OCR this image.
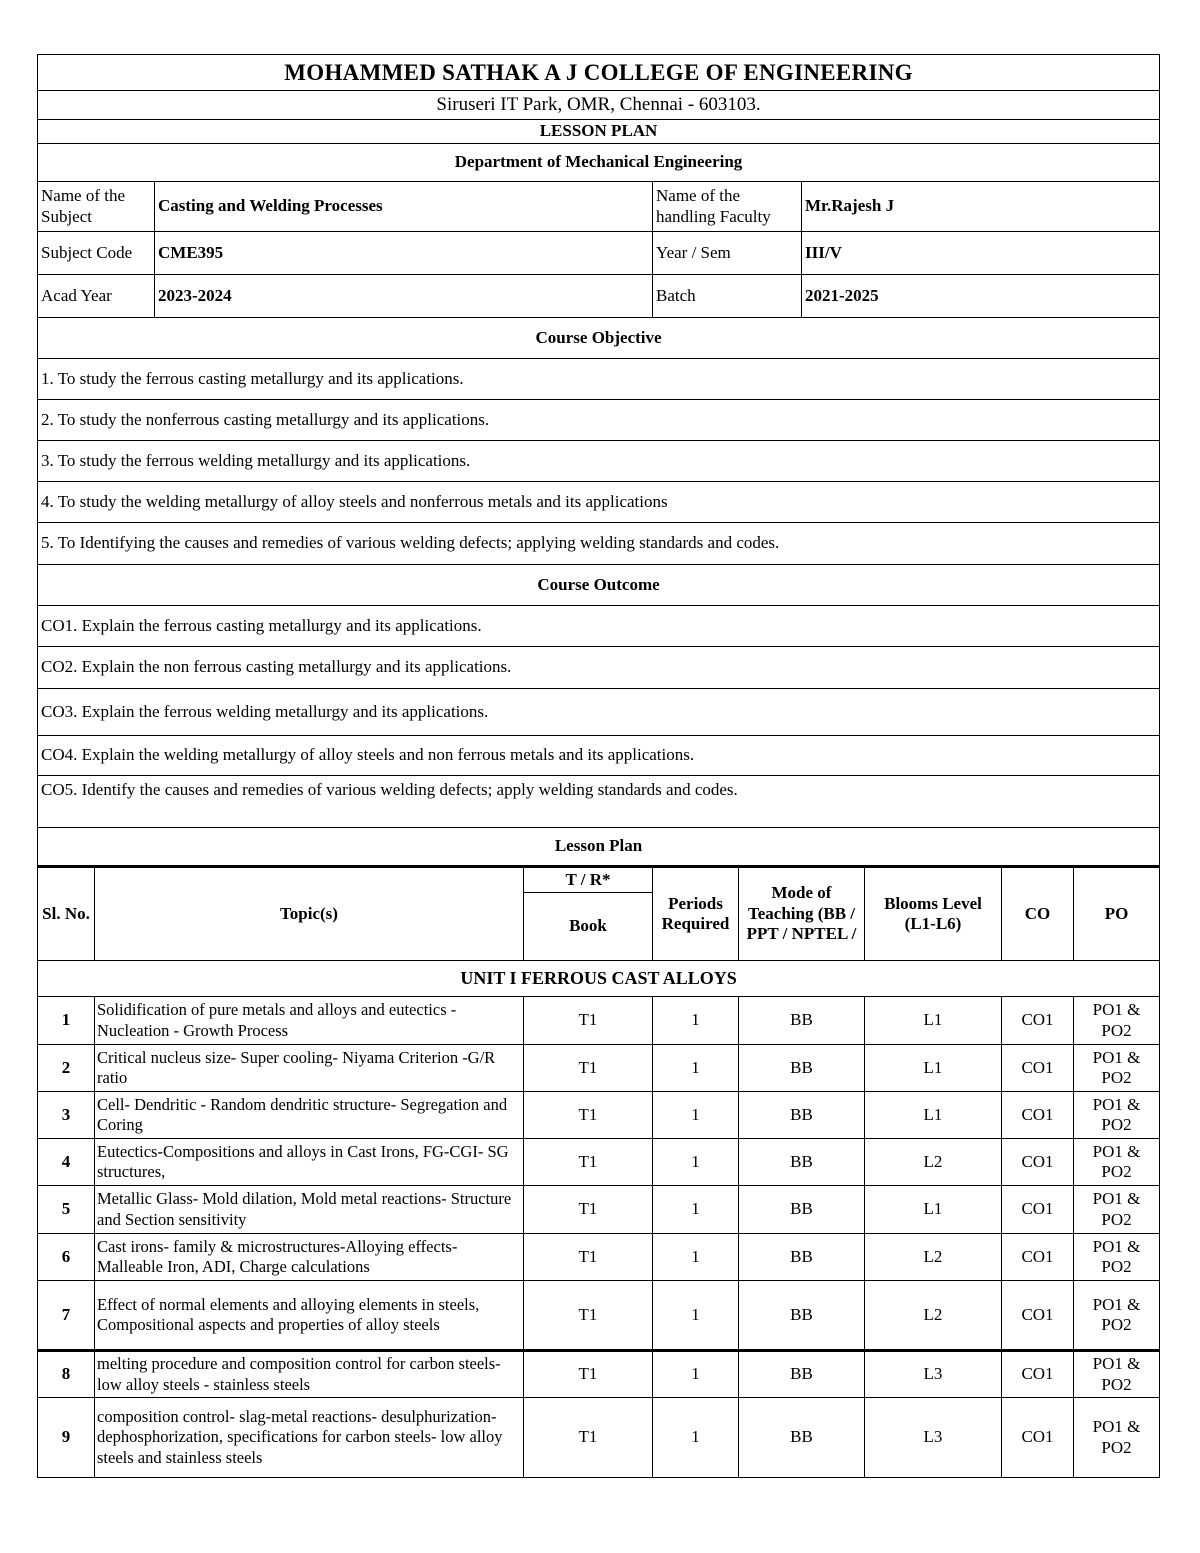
MOHAMMED SATHAK A J COLLEGE OF ENGINEERING									
Siruseri IT Park, OMR, Chennai - 603103.									
LESSON PLAN									
Department of Mechanical Engineering									
Name of the Subject		Casting and Welding Processes		Name of the handling Faculty		Mr.Rajesh J			
Subject Code		CME395		Year / Sem		III/V			
Acad Year		2023-2024		Batch		2021-2025			
Course Objective									
1. To study the ferrous casting metallurgy and its applications.									
2. To study the nonferrous casting metallurgy and its applications.									
3. To study the ferrous welding metallurgy and its applications.									
4. To study the welding metallurgy of alloy steels and nonferrous metals and its applications									
5. To Identifying the causes and remedies of various welding defects; applying welding standards and codes.									
Course Outcome									
CO1. Explain the ferrous casting metallurgy and its applications.									
CO2. Explain the non ferrous casting metallurgy and its applications.									
CO3. Explain the ferrous welding metallurgy and its applications.									
CO4. Explain the welding metallurgy of alloy steels and non ferrous metals and its applications.									
CO5. Identify the causes and remedies of various welding defects; apply welding standards and codes.									
Lesson Plan									
Sl. No.	Topic(s)		T / R*	Periods Required	Mode of Teaching (BB / PPT / NPTEL /		Blooms Level (L1-L6)	CO	PO
			Book						
UNIT I FERROUS CAST ALLOYS									
1	Solidification of pure metals and alloys and eutectics - Nucleation - Growth Process		T1	1	BB		L1	CO1	PO1 & PO2
2	Critical nucleus size- Super cooling- Niyama Criterion -G/R ratio		T1	1	BB		L1	CO1	PO1 & PO2
3	Cell- Dendritic - Random dendritic structure- Segregation and Coring		T1	1	BB		L1	CO1	PO1 & PO2
4	Eutectics-Compositions and alloys in Cast Irons, FG-CGI- SG structures,		T1	1	BB		L2	CO1	PO1 & PO2
5	Metallic Glass- Mold dilation, Mold metal reactions- Structure and Section sensitivity		T1	1	BB		L1	CO1	PO1 & PO2
6	Cast irons- family & microstructures-Alloying effects- Malleable Iron, ADI, Charge calculations		T1	1	BB		L2	CO1	PO1 & PO2
7	Effect of normal elements and alloying elements in steels, Compositional aspects and properties of alloy steels		T1	1	BB		L2	CO1	PO1 & PO2
8	melting procedure and composition control for carbon steels- low alloy steels - stainless steels		T1	1	BB		L3	CO1	PO1 & PO2
9	composition control- slag-metal reactions- desulphurization- dephosphorization, specifications for carbon steels- low alloy steels and stainless steels		T1	1	BB		L3	CO1	PO1 & PO2
